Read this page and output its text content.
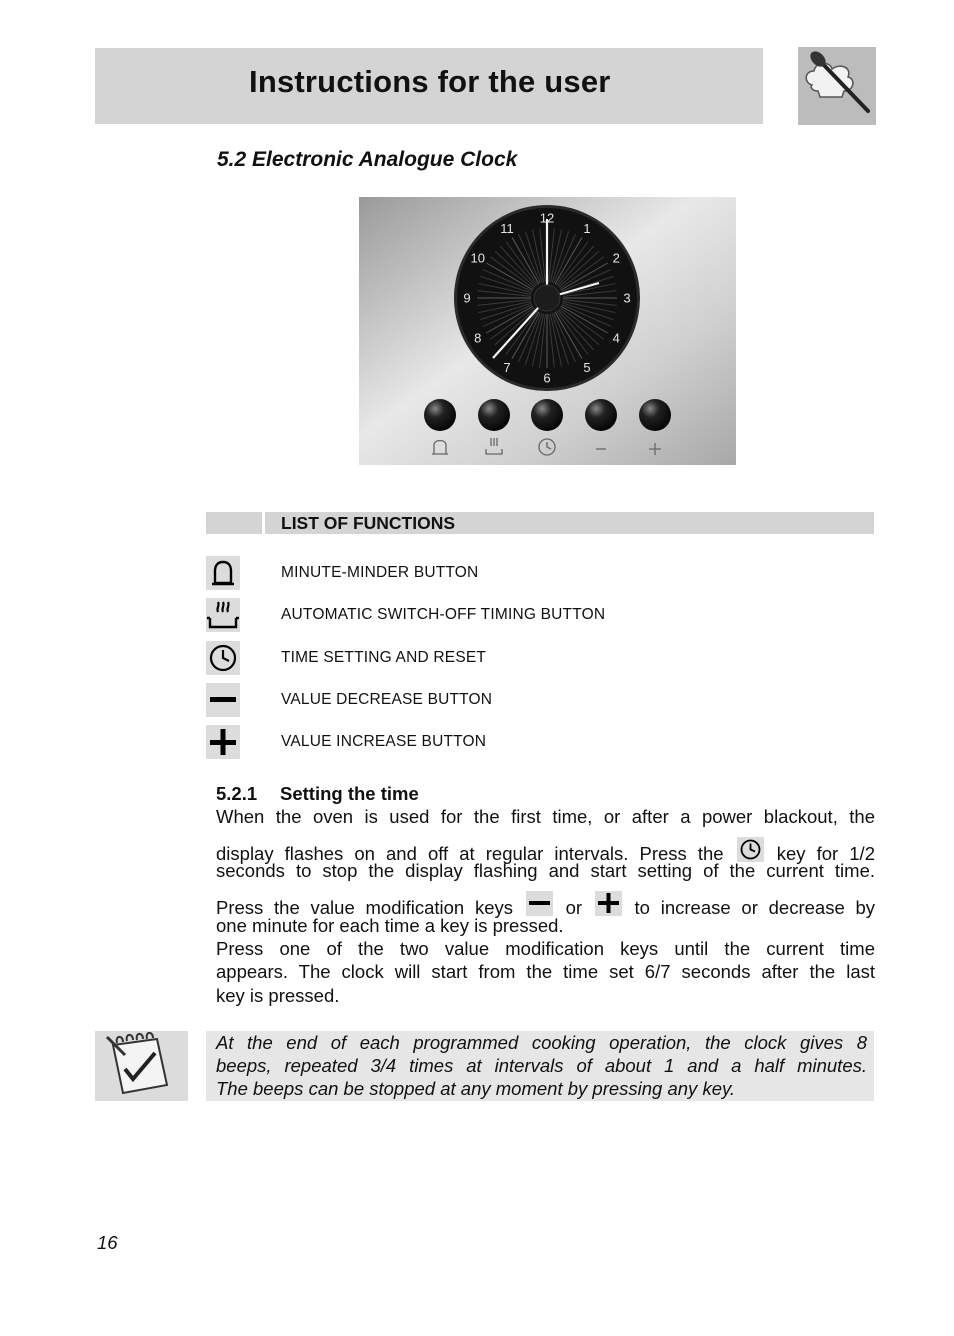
Instructions for the user
5.2 Electronic Analogue Clock
12
1
2
3
4
5
6
7
8
9
10
11
LIST OF FUNCTIONS
MINUTE-MINDER BUTTON
AUTOMATIC SWITCH-OFF TIMING BUTTON
TIME SETTING AND RESET
VALUE DECREASE BUTTON
VALUE INCREASE BUTTON
5.2.1 Setting the time
When the oven is used for the first time, or after a power blackout, the
display flashes on and off at regular intervals. Press the	key for 1/2
seconds to stop the display flashing and start setting of the current time.
Press the value modification keys	or	to increase or decrease by
one minute for each time a key is pressed.
Press one of the two value modification keys until the current time
appears. The clock will start from the time set 6/7 seconds after the last
key is pressed.
At the end of each programmed cooking operation, the clock gives 8
beeps, repeated 3/4 times at intervals of about 1 and a half minutes.
The beeps can be stopped at any moment by pressing any key.
16
